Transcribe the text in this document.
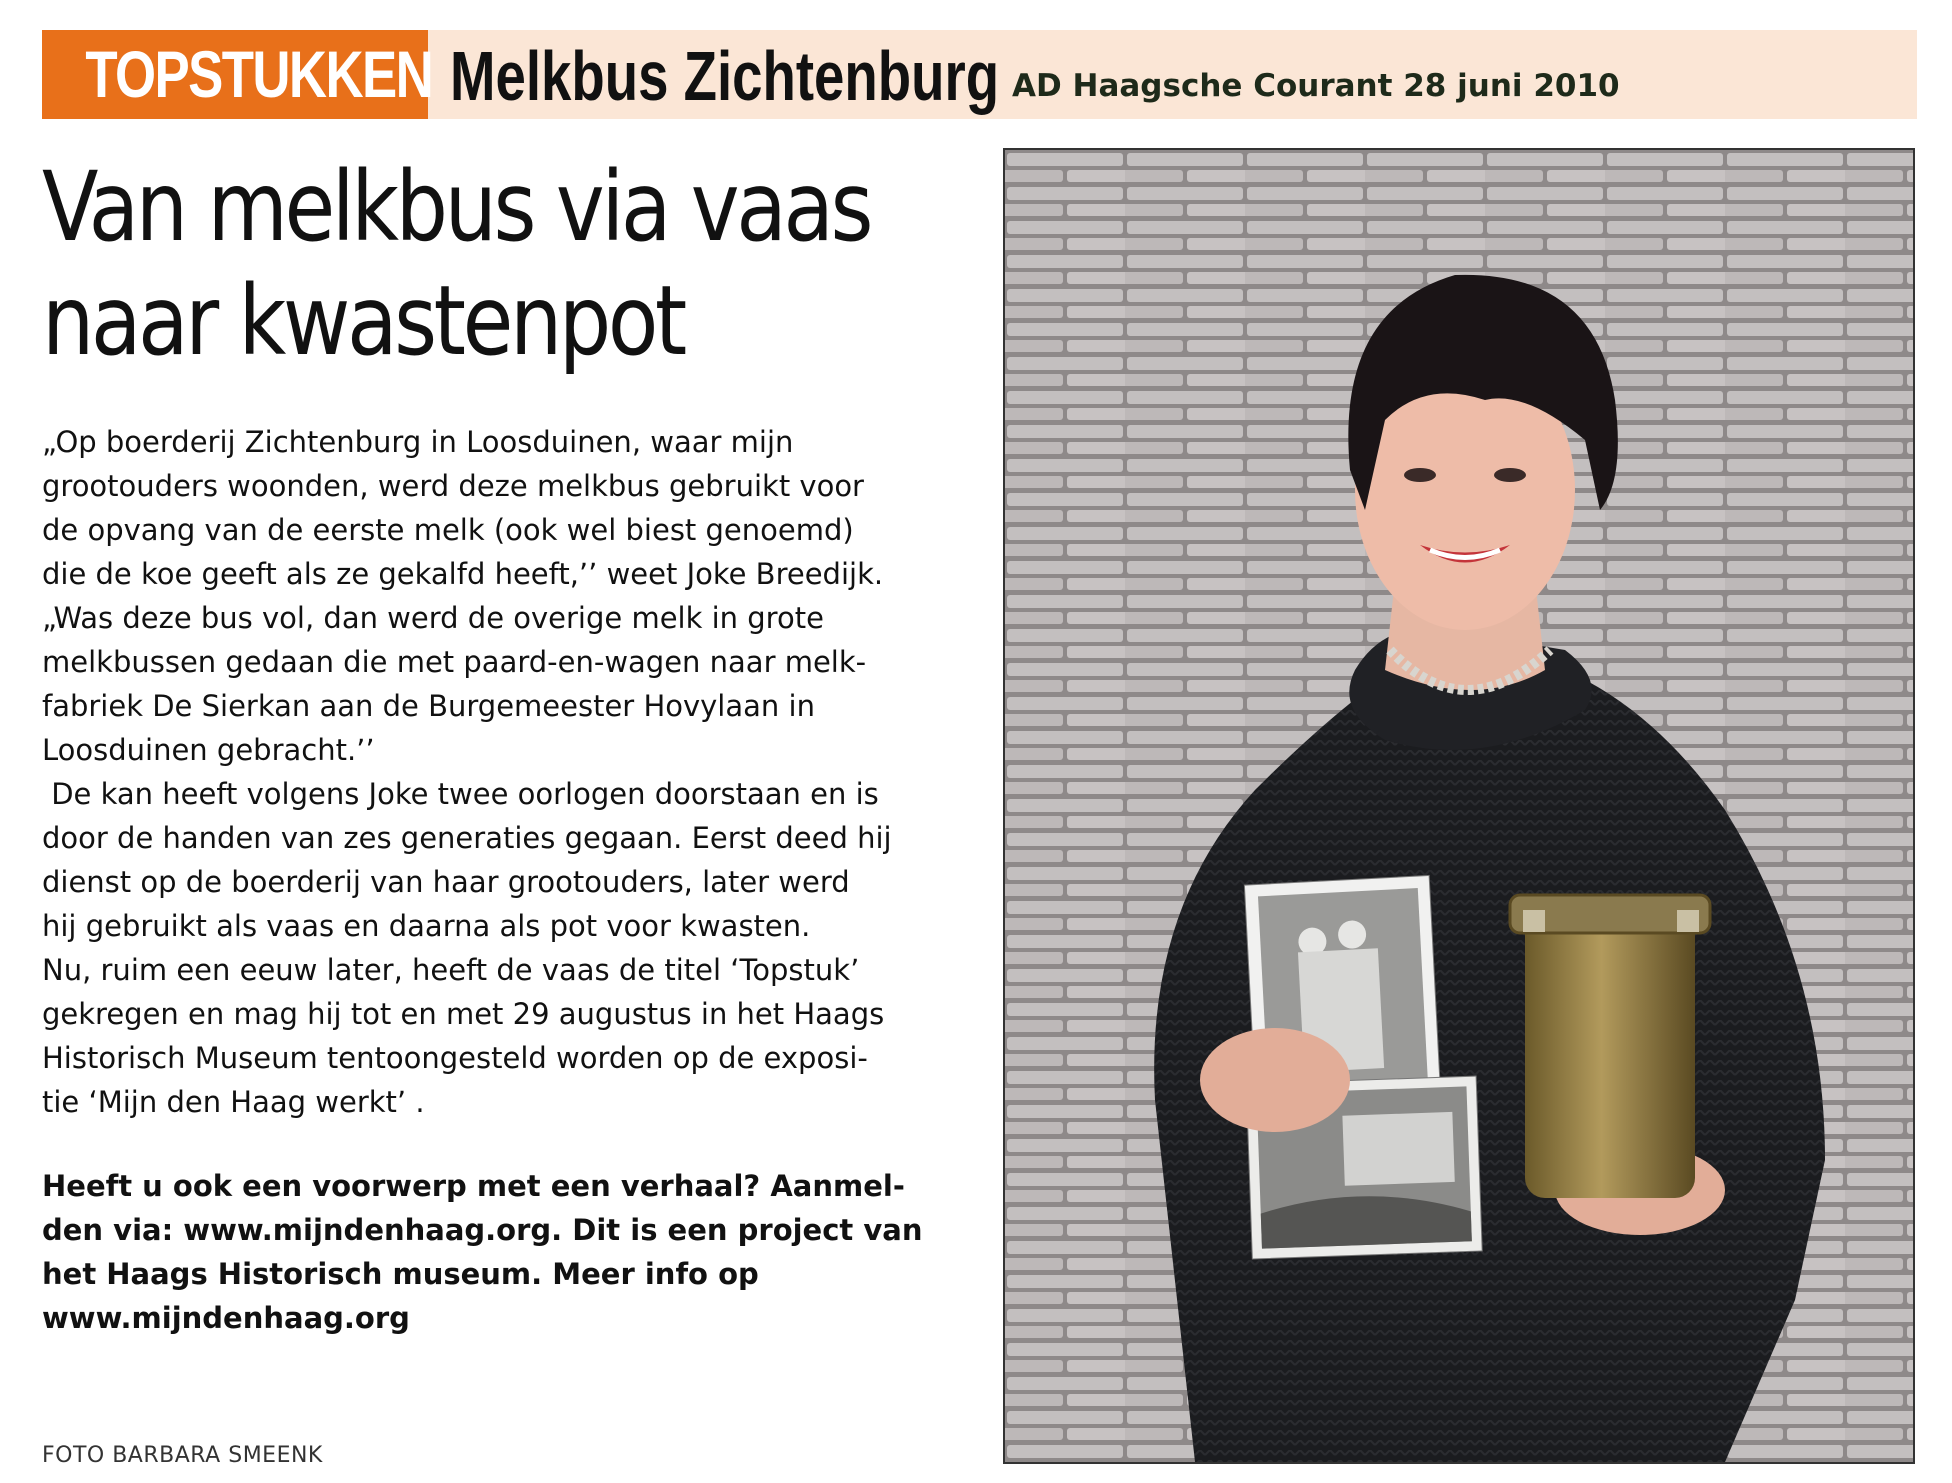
TOPSTUKKEN Melkbus Zichtenburg AD Haagsche Courant 28 juni 2010
Van melkbus via vaas
naar kwastenpot

„Op boerderij Zichtenburg in Loosduinen, waar mijn

grootouders woonden, werd deze melkbus gebruikt voor

de opvang van de eerste melk (ook wel biest genoemd)

die de koe geeft als ze gekalfd heeft,’’ weet Joke Breedijk.

„Was deze bus vol, dan werd de overige melk in grote

melkbussen gedaan die met paard-en-wagen naar melk-

fabriek De Sierkan aan de Burgemeester Hovylaan in

Loosduinen gebracht.’’

De kan heeft volgens Joke twee oorlogen doorstaan en is

door de handen van zes generaties gegaan. Eerst deed hij

dienst op de boerderij van haar grootouders, later werd

hij gebruikt als vaas en daarna als pot voor kwasten.

Nu, ruim een eeuw later, heeft de vaas de titel ‘Topstuk’

gekregen en mag hij tot en met 29 augustus in het Haags

Historisch Museum tentoongesteld worden op de exposi-

tie ‘Mijn den Haag werkt’ .

Heeft u ook een voorwerp met een verhaal? Aanmel-
den via: www.mijndenhaag.org. Dit is een project van
het Haags Historisch museum. Meer info op
www.mijndenhaag.org
FOTO BARBARA SMEENK
